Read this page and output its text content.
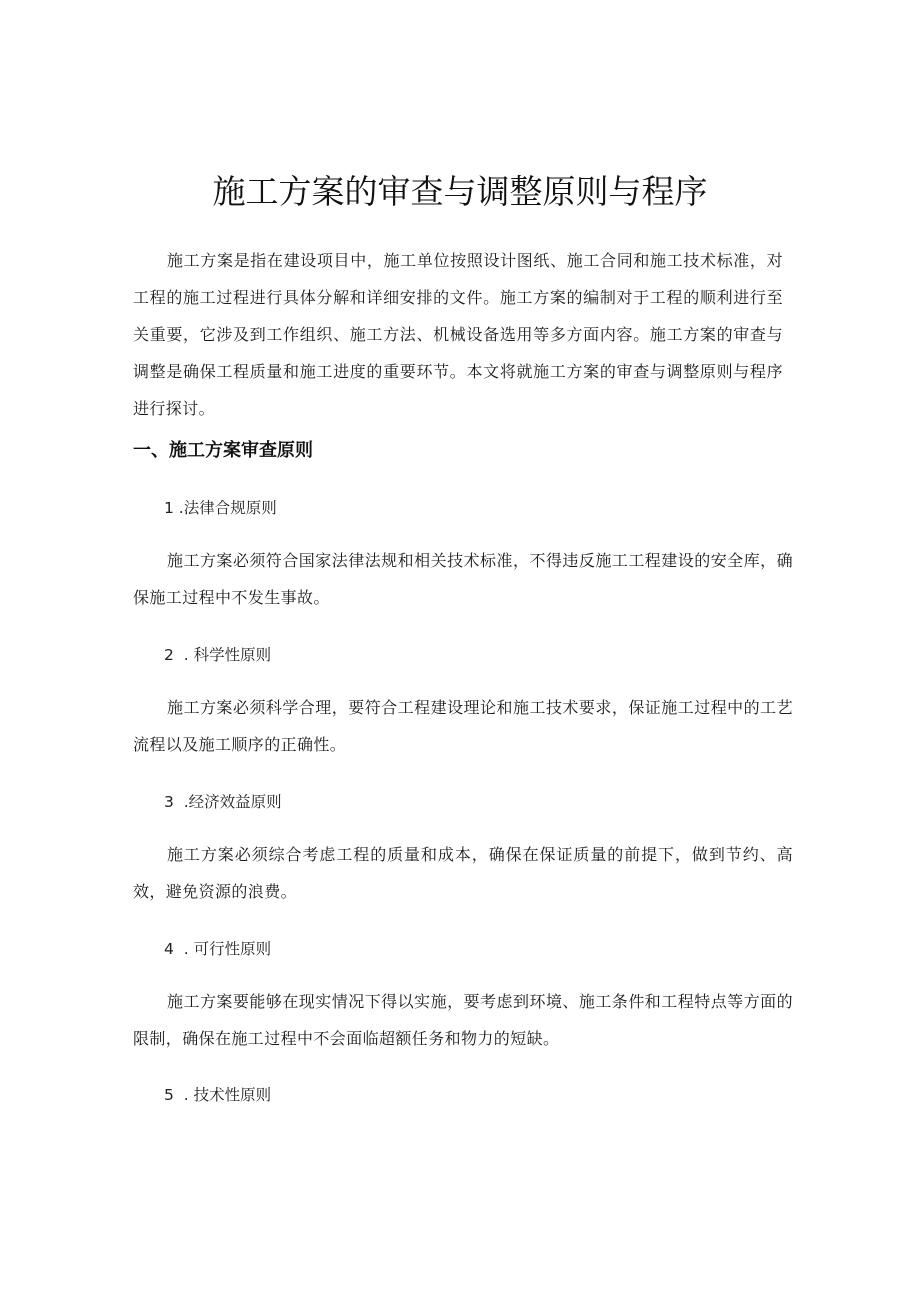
施工方案的审查与调整原则与程序

施工方案是指在建设项目中，施工单位按照设计图纸、施工合同和施工技术标准，对工程的施工过程进行具体分解和详细安排的文件。施工方案的编制对于工程的顺利进行至关重要，它涉及到工作组织、施工方法、机械设备选用等多方面内容。施工方案的审查与调整是确保工程质量和施工进度的重要环节。本文将就施工方案的审查与调整原则与程序进行探讨。

一、施工方案审查原则

1 .法律合规原则

施工方案必须符合国家法律法规和相关技术标准，不得违反施工工程建设的安全库，确保施工过程中不发生事故。

2  . 科学性原则

施工方案必须科学合理，要符合工程建设理论和施工技术要求，保证施工过程中的工艺流程以及施工顺序的正确性。

3  .经济效益原则

施工方案必须综合考虑工程的质量和成本，确保在保证质量的前提下，做到节约、高效，避免资源的浪费。

4  . 可行性原则

施工方案要能够在现实情况下得以实施，要考虑到环境、施工条件和工程特点等方面的限制，确保在施工过程中不会面临超额任务和物力的短缺。

5  . 技术性原则
